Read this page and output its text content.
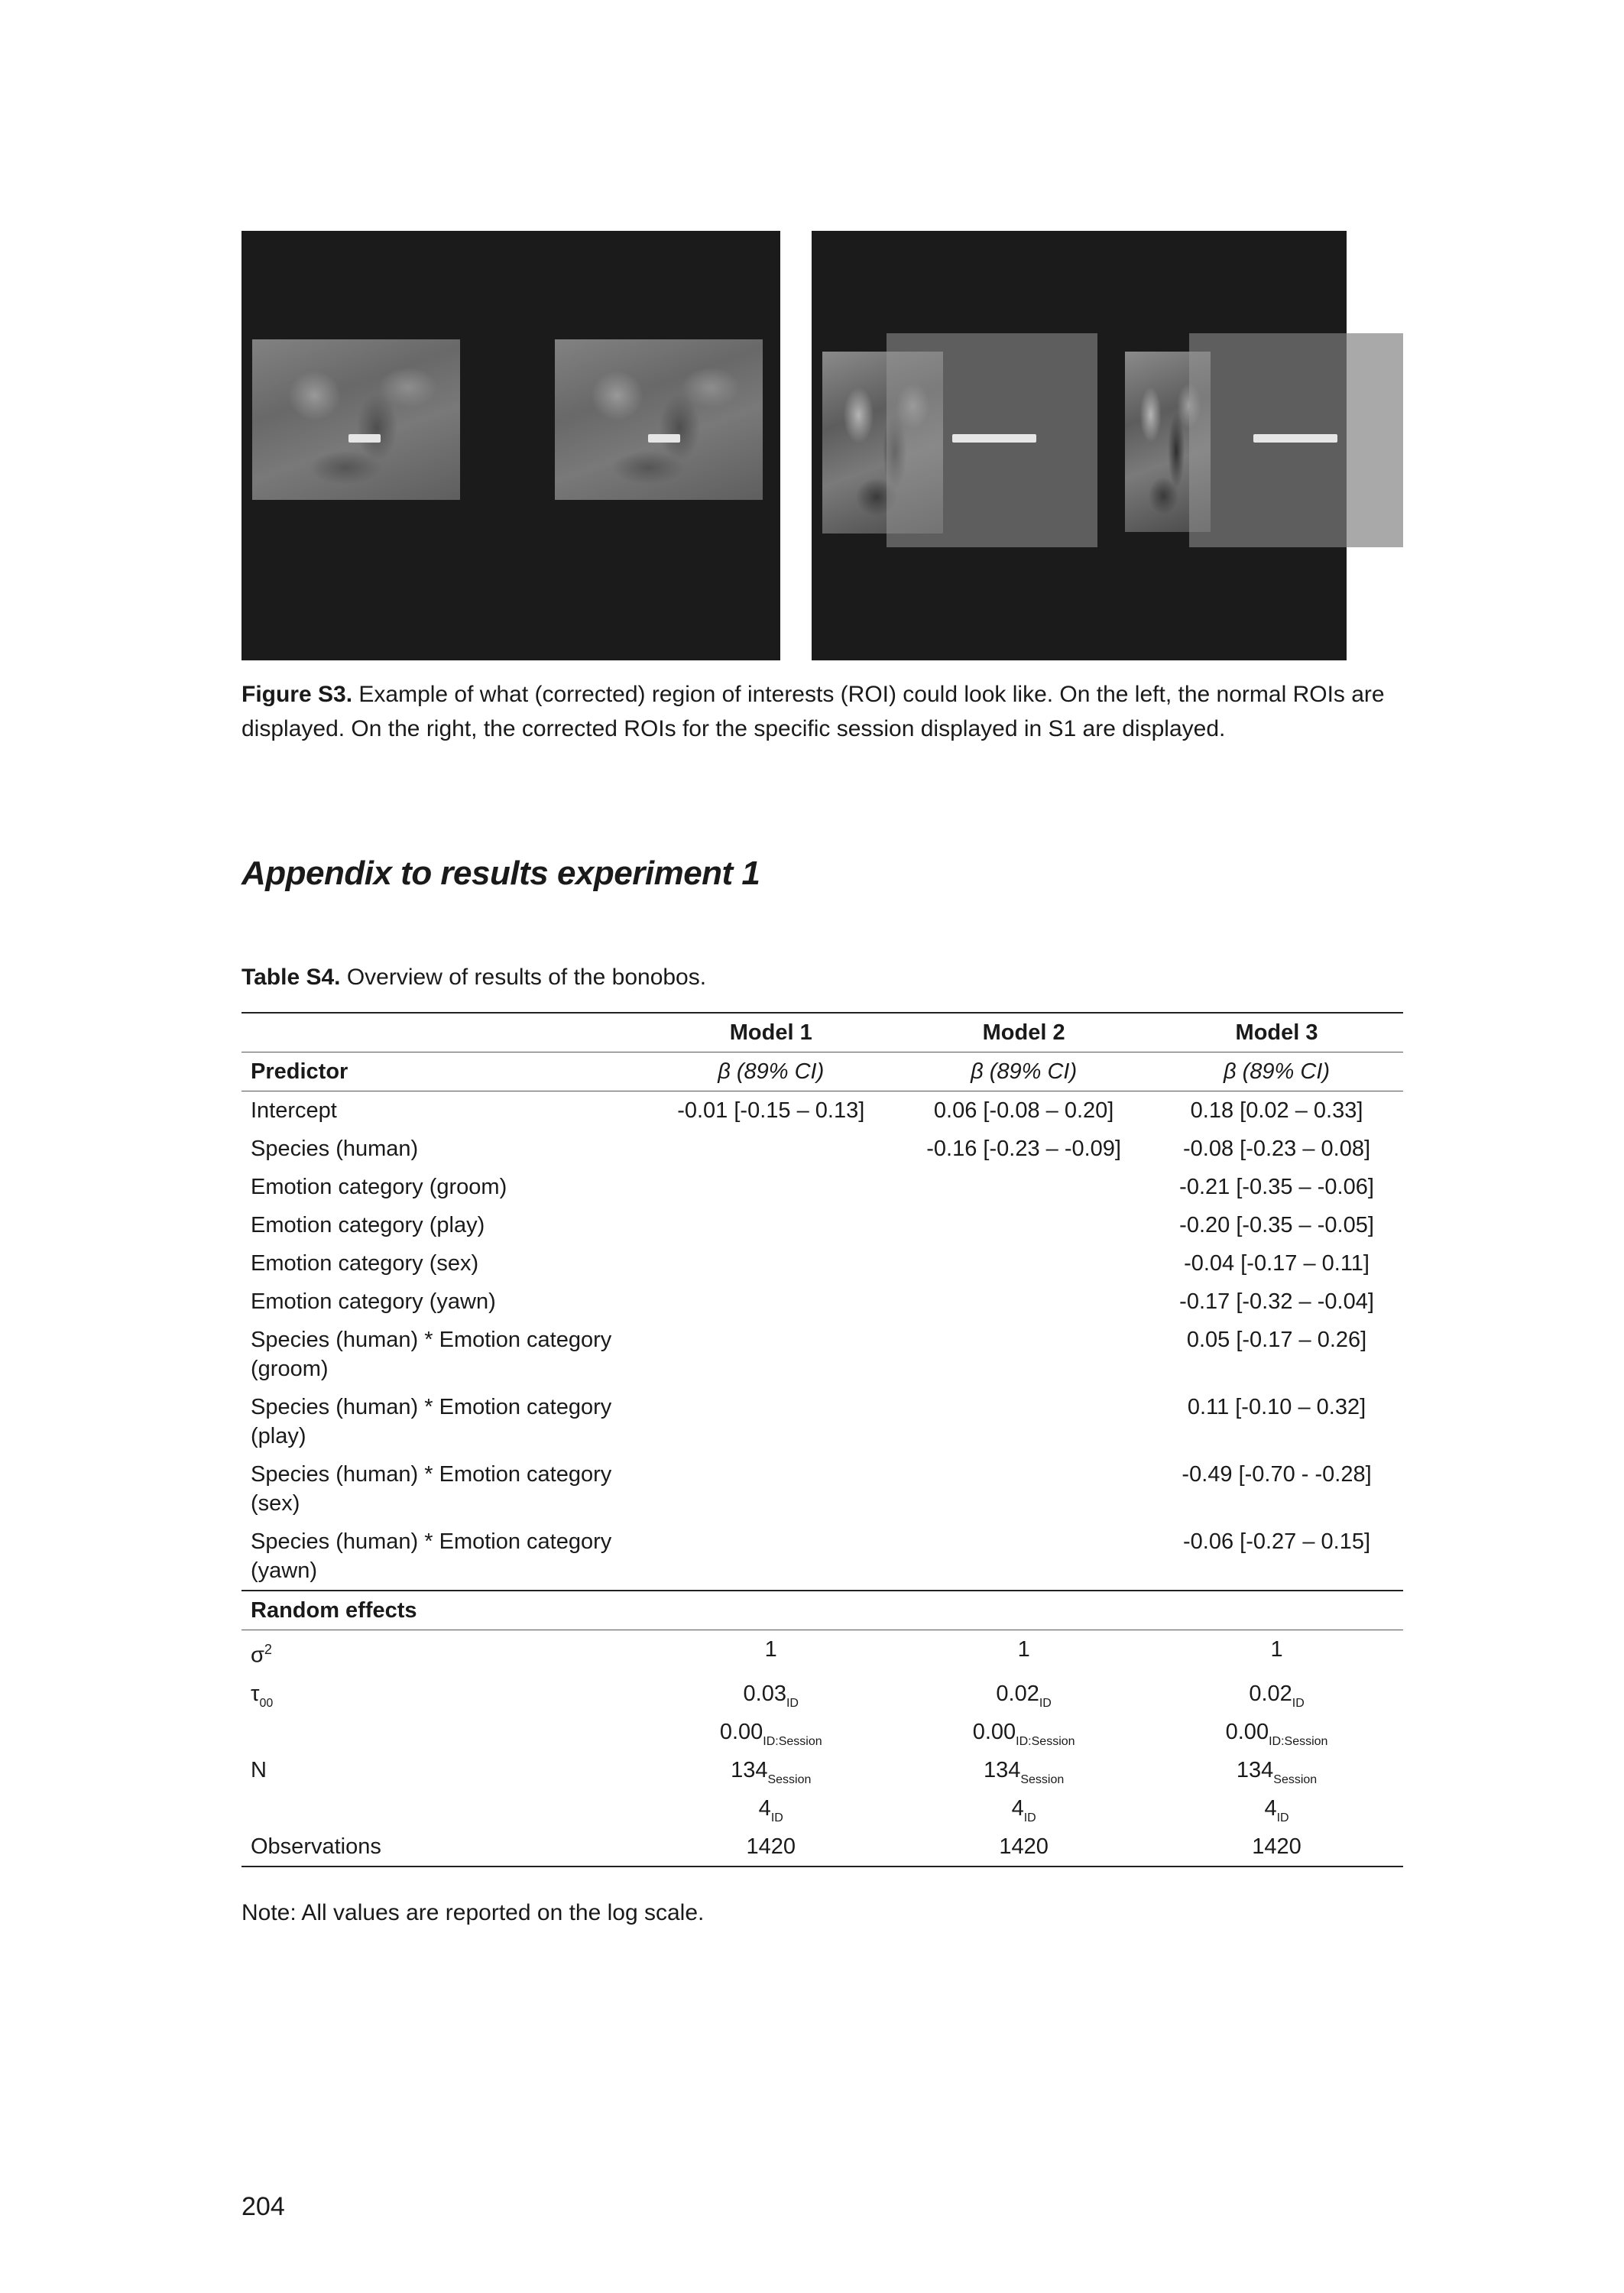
Figure S3. Example of what (corrected) region of interests (ROI) could look like. On the left, the normal ROIs are displayed. On the right, the corrected ROIs for the specific session displayed in S1 are displayed.
Appendix to results experiment 1
Table S4. Overview of results of the bonobos.
	Model 1	Model 2	Model 3
Predictor	β (89% CI)	β (89% CI)	β (89% CI)
Intercept	-0.01 [-0.15 – 0.13]	0.06 [-0.08 – 0.20]	0.18 [0.02 – 0.33]
Species (human)		-0.16 [-0.23 – -0.09]	-0.08 [-0.23 – 0.08]
Emotion category (groom)			-0.21 [-0.35 – -0.06]
Emotion category (play)			-0.20 [-0.35 – -0.05]
Emotion category (sex)			-0.04 [-0.17 – 0.11]
Emotion category (yawn)			-0.17 [-0.32 – -0.04]
Species (human) * Emotion category (groom)			0.05 [-0.17 – 0.26]
Species (human) * Emotion category (play)			0.11 [-0.10 – 0.32]
Species (human) * Emotion category (sex)			-0.49 [-0.70 - -0.28]
Species (human) * Emotion category (yawn)			-0.06 [-0.27 – 0.15]
Random effects			
$\sigma^2$	1	1	1
$\tau_{00}$	$0.03_{ID}$	$0.02_{ID}$	$0.02_{ID}$
	$0.00_{ID:Session}$	$0.00_{ID:Session}$	$0.00_{ID:Session}$
N	$134_{Session}$	$134_{Session}$	$134_{Session}$
	$4_{ID}$	$4_{ID}$	$4_{ID}$
Observations	1420	1420	1420
Note: All values are reported on the log scale.
204
